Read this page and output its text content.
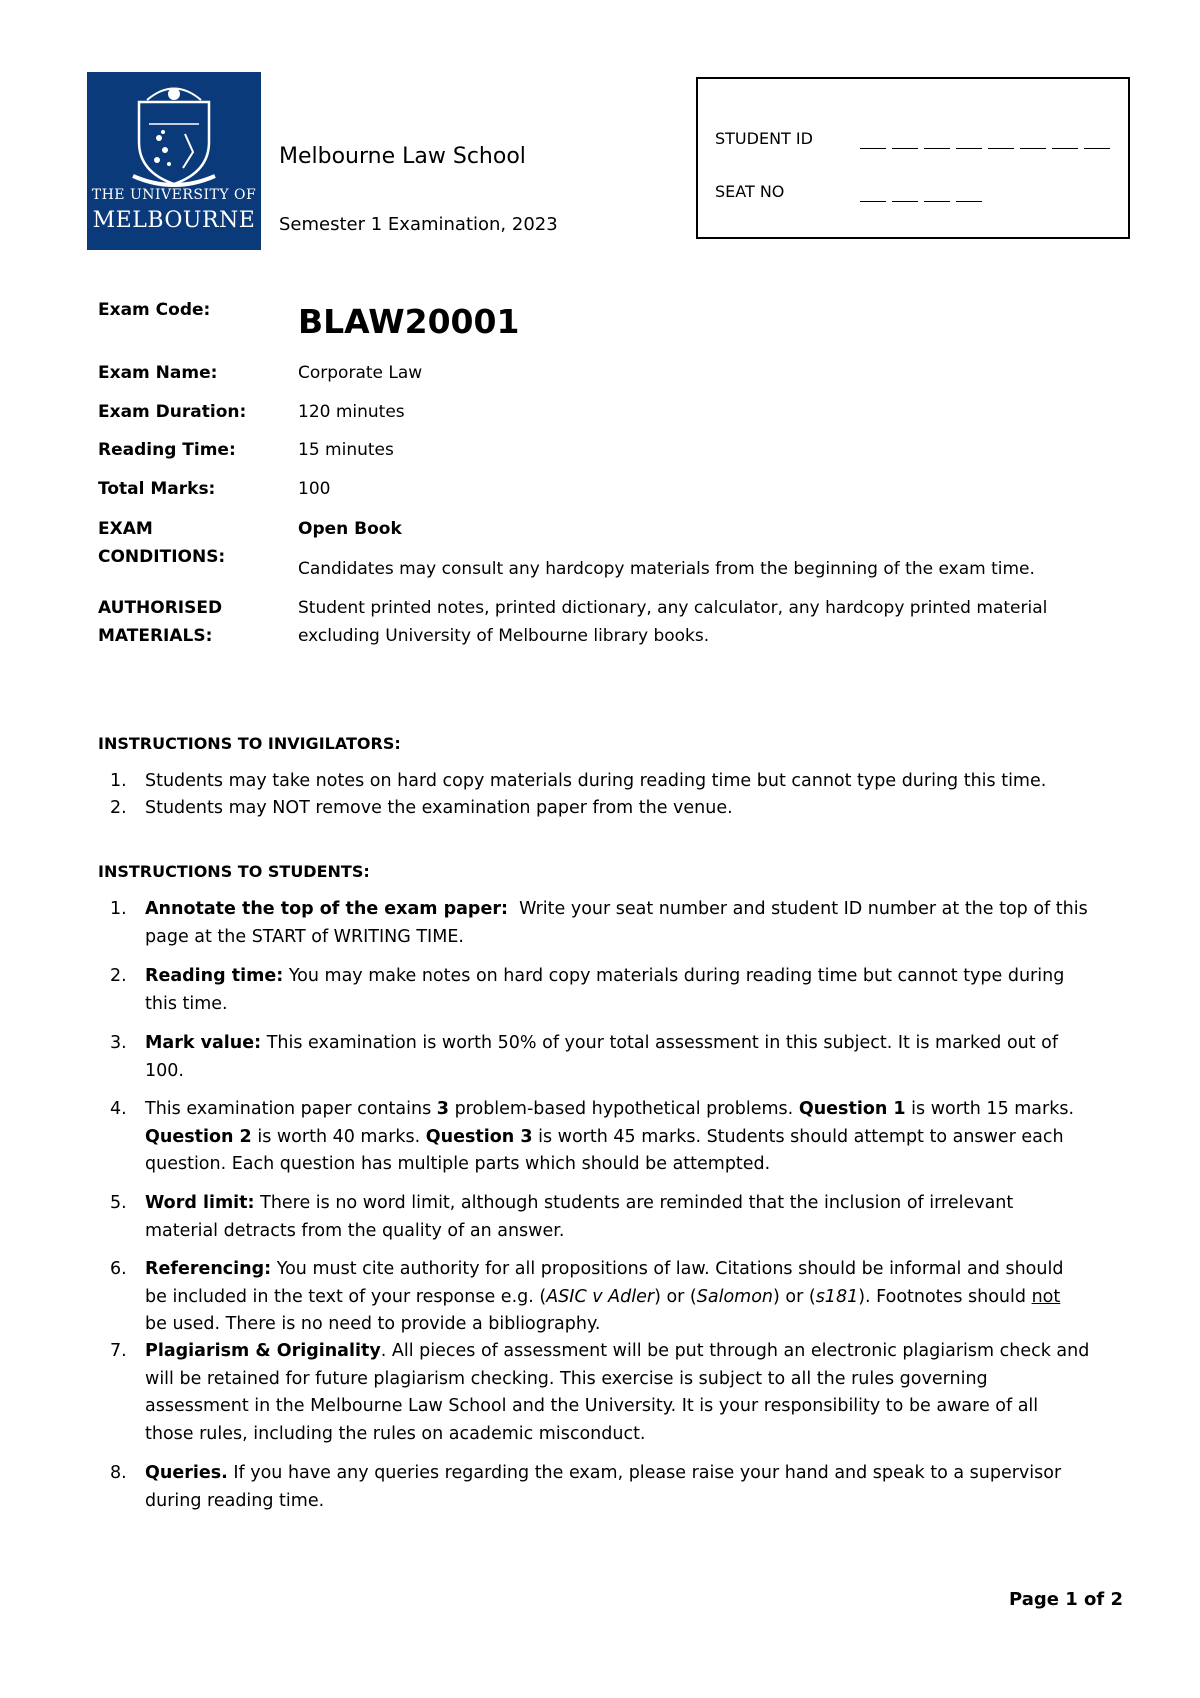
THE UNIVERSITY OF
MELBOURNE
Melbourne Law School
Semester 1 Examination, 2023
STUDENT ID
SEAT NO
Exam Code:	BLAW20001
Exam Name:	Corporate Law
Exam Duration:	120 minutes
Reading Time:	15 minutes
Total Marks:	100
EXAM
CONDITIONS:
Open Book
Candidates may consult any hardcopy materials from the beginning of the exam time.
AUTHORISED
MATERIALS:
Student printed notes, printed dictionary, any calculator, any hardcopy printed material
excluding University of Melbourne library books.
INSTRUCTIONS TO INVIGILATORS:
1.	Students may take notes on hard copy materials during reading time but cannot type during this time.
2.	Students may NOT remove the examination paper from the venue.
INSTRUCTIONS TO STUDENTS:
1.	Annotate the top of the exam paper: Write your seat number and student ID number at the top of this
page at the START of WRITING TIME.
2.	Reading time: You may make notes on hard copy materials during reading time but cannot type during
this time.
3.	Mark value: This examination is worth 50% of your total assessment in this subject. It is marked out of
100.
4.	This examination paper contains 3 problem-based hypothetical problems. Question 1 is worth 15 marks.
Question 2 is worth 40 marks. Question 3 is worth 45 marks. Students should attempt to answer each
question. Each question has multiple parts which should be attempted.
5.	Word limit: There is no word limit, although students are reminded that the inclusion of irrelevant
material detracts from the quality of an answer.
6.	Referencing: You must cite authority for all propositions of law. Citations should be informal and should
be included in the text of your response e.g. (ASIC v Adler) or (Salomon) or (s181). Footnotes should not
be used. There is no need to provide a bibliography.
7.	Plagiarism & Originality. All pieces of assessment will be put through an electronic plagiarism check and
will be retained for future plagiarism checking. This exercise is subject to all the rules governing
assessment in the Melbourne Law School and the University. It is your responsibility to be aware of all
those rules, including the rules on academic misconduct.
8.	Queries. If you have any queries regarding the exam, please raise your hand and speak to a supervisor
during reading time.
Page 1 of 2
